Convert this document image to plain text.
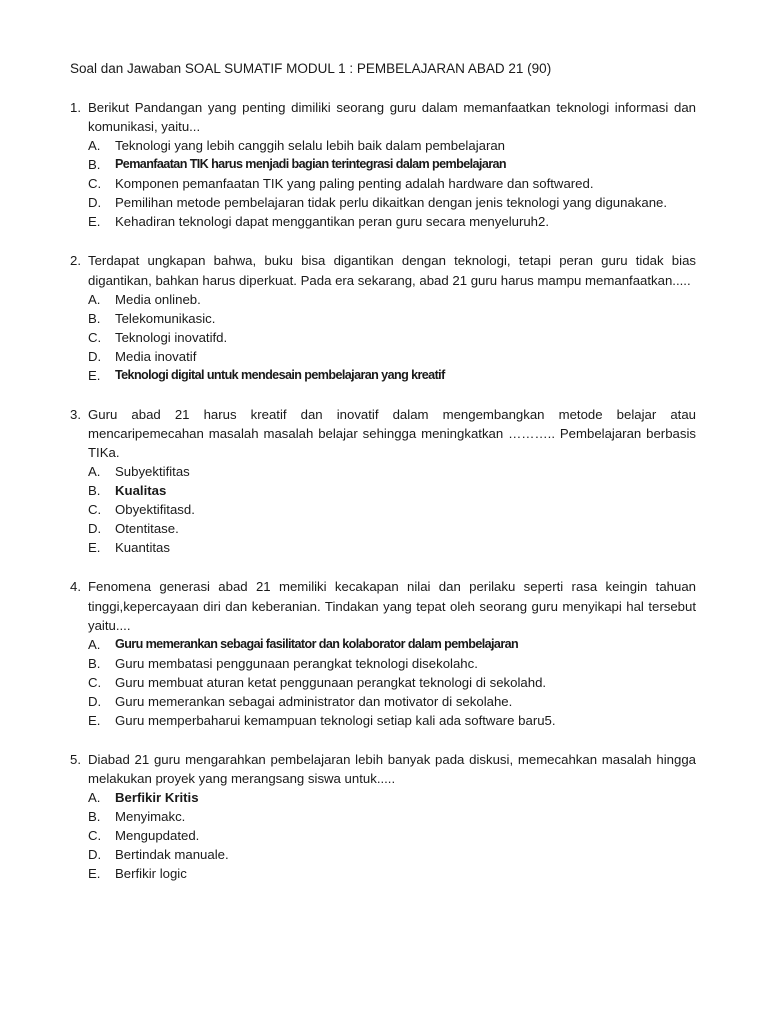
Soal dan Jawaban SOAL SUMATIF MODUL 1 : PEMBELAJARAN ABAD 21 (90)
1. Berikut Pandangan yang penting dimiliki seorang guru dalam memanfaatkan teknologi informasi dan komunikasi, yaitu...

A.	Teknologi yang lebih canggih selalu lebih baik dalam pembelajaran
B.	Pemanfaatan TIK harus menjadi bagian terintegrasi dalam pembelajaran
C.	Komponen pemanfaatan TIK yang paling penting adalah hardware dan softwared.
D.	Pemilihan metode pembelajaran tidak perlu dikaitkan dengan jenis teknologi yang digunakane.
E.	Kehadiran teknologi dapat menggantikan peran guru secara menyeluruh2.
2. Terdapat ungkapan bahwa, buku bisa digantikan dengan teknologi, tetapi peran guru tidak bias digantikan, bahkan harus diperkuat. Pada era sekarang, abad 21 guru harus mampu memanfaatkan.....

A.	Media onlineb.
B.	Telekomunikasic.
C.	Teknologi inovatifd.
D.	Media inovatif
E.	Teknologi digital untuk mendesain pembelajaran yang kreatif
3. Guru abad 21 harus kreatif dan inovatif dalam mengembangkan metode belajar atau mencaripemecahan masalah masalah belajar sehingga meningkatkan ……….. Pembelajaran berbasis TIKa.

A.	Subyektifitas
B.	Kualitas
C.	Obyektifitasd.
D.	Otentitase.
E.	Kuantitas
4. Fenomena generasi abad 21 memiliki kecakapan nilai dan perilaku seperti rasa keingin tahuan tinggi,kepercayaan diri dan keberanian. Tindakan yang tepat oleh seorang guru menyikapi hal tersebut yaitu....

A.	Guru memerankan sebagai fasilitator dan kolaborator dalam pembelajaran
B.	Guru membatasi penggunaan perangkat teknologi disekolahc.
C.	Guru membuat aturan ketat penggunaan perangkat teknologi di sekolahd.
D.	Guru memerankan sebagai administrator dan motivator di sekolahe.
E.	Guru memperbaharui kemampuan teknologi setiap kali ada software baru5.
5. Diabad 21 guru mengarahkan pembelajaran lebih banyak pada diskusi, memecahkan masalah hingga melakukan proyek yang merangsang siswa untuk.....

A.	Berfikir Kritis
B.	Menyimakc.
C.	Mengupdated.
D.	Bertindak manuale.
E.	Berfikir logic
